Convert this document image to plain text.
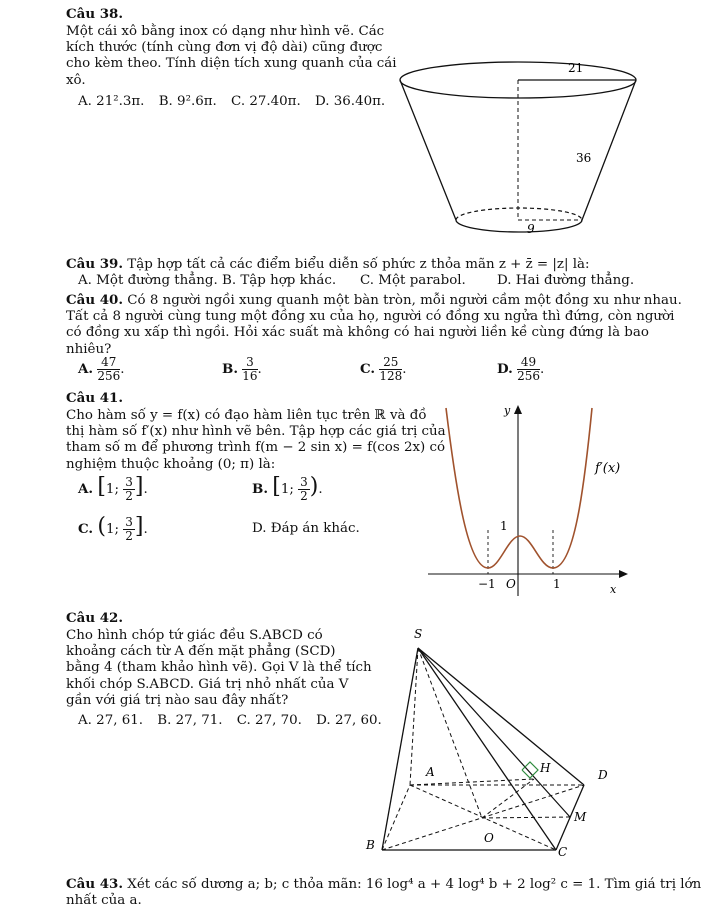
Câu 38.
Một cái xô bằng inox có dạng như hình vẽ. Các
kích thước (tính cùng đơn vị độ dài) cũng được
cho kèm theo. Tính diện tích xung quanh của cái
xô.
A. 21².3π. B. 9².6π. C. 27.40π. D. 36.40π.
21
36
9
Câu 39. Tập hợp tất cả các điểm biểu diễn số phức z thỏa mãn z + z̄ = |z| là:
A. Một đường thẳng. B. Tập hợp khác. C. Một parabol. D. Hai đường thẳng.
Câu 40. Có 8 người ngồi xung quanh một bàn tròn, mỗi người cầm một đồng xu như nhau.
Tất cả 8 người cùng tung một đồng xu của họ, người có đồng xu ngửa thì đứng, còn người
có đồng xu xấp thì ngồi. Hỏi xác suất mà không có hai người liền kề cùng đứng là bao
nhiêu?
A. $\frac{47}{256}$ .	B. $\frac{3}{16}$ .	C. $\frac{25}{128}$ .	D. $\frac{49}{256}$ .
Câu 41.
Cho hàm số y = f(x) có đạo hàm liên tục trên ℝ và đồ
thị hàm số f′(x) như hình vẽ bên. Tập hợp các giá trị của
tham số m để phương trình f(m − 2 sin x) = f(cos 2x) có
nghiệm thuộc khoảng (0; π) là:
A. [1; $\frac{3}{2}$ ].	B. [1; $\frac{3}{2}$ ).
C. (1; $\frac{3}{2}$ ].	D. Đáp án khác.
y
x
f′(x)
1
−1 O	1
Câu 42.
Cho hình chóp tứ giác đều S.ABCD có
khoảng cách từ A đến mặt phẳng (SCD)
bằng 4 (tham khảo hình vẽ). Gọi V là thể tích
khối chóp S.ABCD. Giá trị nhỏ nhất của V
gần với giá trị nào sau đây nhất?
A. 27, 61. B. 27, 71. C. 27, 70. D. 27, 60.
S
A	D
B	C
H
M
O
Câu 43. Xét các số dương a; b; c thỏa mãn: 16 log⁴ a + 4 log⁴ b + 2 log² c = 1. Tìm giá trị lớn
nhất của a.
